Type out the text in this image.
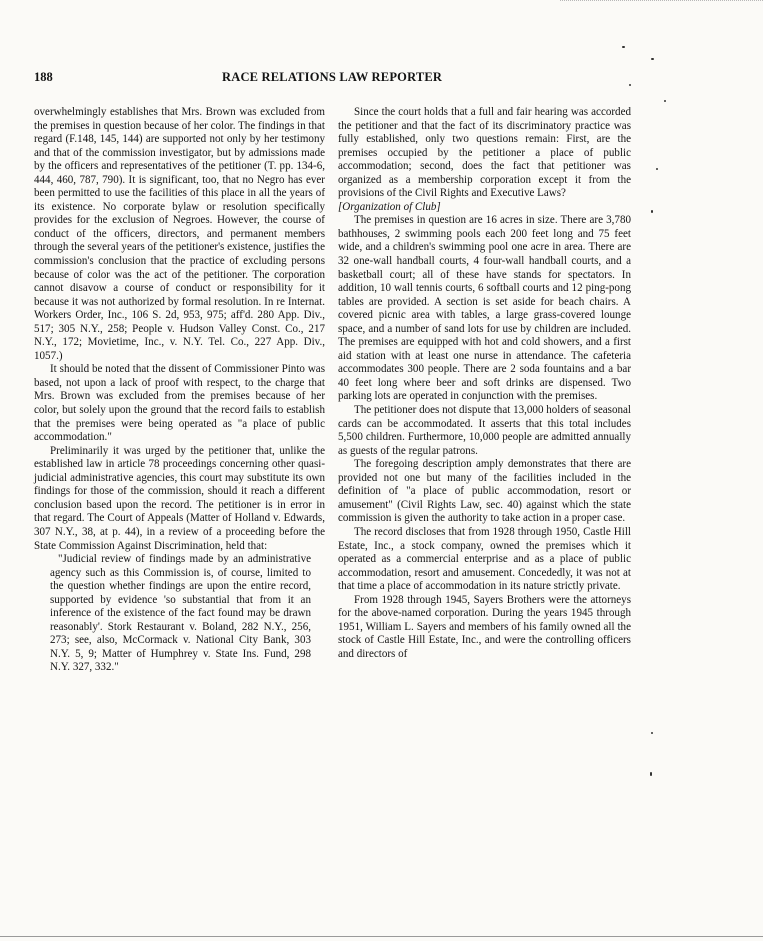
188	RACE RELATIONS LAW REPORTER

overwhelmingly establishes that Mrs. Brown was excluded from the premises in question because of her color. The findings in that regard (F.148, 145, 144) are supported not only by her testimony and that of the commission investigator, but by admissions made by the officers and representatives of the petitioner (T. pp. 134-6, 444, 460, 787, 790). It is significant, too, that no Negro has ever been permitted to use the facilities of this place in all the years of its existence. No corporate bylaw or resolution specifically provides for the exclusion of Negroes. However, the course of conduct of the officers, directors, and permanent members through the several years of the petitioner's existence, justifies the commission's conclusion that the practice of excluding persons because of color was the act of the petitioner. The corporation cannot disavow a course of conduct or responsibility for it because it was not authorized by formal resolution. In re Internat. Workers Order, Inc., 106 S. 2d, 953, 975; aff'd. 280 App. Div., 517; 305 N.Y., 258; People v. Hudson Valley Const. Co., 217 N.Y., 172; Movietime, Inc., v. N.Y. Tel. Co., 227 App. Div., 1057.)

It should be noted that the dissent of Commissioner Pinto was based, not upon a lack of proof with respect, to the charge that Mrs. Brown was excluded from the premises because of her color, but solely upon the ground that the record fails to establish that the premises were being operated as "a place of public accommodation."

Preliminarily it was urged by the petitioner that, unlike the established law in article 78 proceedings concerning other quasi-judicial administrative agencies, this court may substitute its own findings for those of the commission, should it reach a different conclusion based upon the record. The petitioner is in error in that regard. The Court of Appeals (Matter of Holland v. Edwards, 307 N.Y., 38, at p. 44), in a review of a proceeding before the State Commission Against Discrimination, held that:

"Judicial review of findings made by an administrative agency such as this Commission is, of course, limited to the question whether findings are upon the entire record, supported by evidence 'so substantial that from it an inference of the existence of the fact found may be drawn reasonably'. Stork Restaurant v. Boland, 282 N.Y., 256, 273; see, also, McCormack v. National City Bank, 303 N.Y. 5, 9; Matter of Humphrey v. State Ins. Fund, 298 N.Y. 327, 332."

Since the court holds that a full and fair hearing was accorded the petitioner and that the fact of its discriminatory practice was fully established, only two questions remain: First, are the premises occupied by the petitioner a place of public accommodation; second, does the fact that petitioner was organized as a membership corporation except it from the provisions of the Civil Rights and Executive Laws?

[Organization of Club]

The premises in question are 16 acres in size. There are 3,780 bathhouses, 2 swimming pools each 200 feet long and 75 feet wide, and a children's swimming pool one acre in area. There are 32 one-wall handball courts, 4 four-wall handball courts, and a basketball court; all of these have stands for spectators. In addition, 10 wall tennis courts, 6 softball courts and 12 ping-pong tables are provided. A section is set aside for beach chairs. A covered picnic area with tables, a large grass-covered lounge space, and a number of sand lots for use by children are included. The premises are equipped with hot and cold showers, and a first aid station with at least one nurse in attendance. The cafeteria accommodates 300 people. There are 2 soda fountains and a bar 40 feet long where beer and soft drinks are dispensed. Two parking lots are operated in conjunction with the premises.

The petitioner does not dispute that 13,000 holders of seasonal cards can be accommodated. It asserts that this total includes 5,500 children. Furthermore, 10,000 people are admitted annually as guests of the regular patrons.

The foregoing description amply demonstrates that there are provided not one but many of the facilities included in the definition of "a place of public accommodation, resort or amusement" (Civil Rights Law, sec. 40) against which the state commission is given the authority to take action in a proper case.

The record discloses that from 1928 through 1950, Castle Hill Estate, Inc., a stock company, owned the premises which it operated as a commercial enterprise and as a place of public accommodation, resort and amusement. Concededly, it was not at that time a place of accommodation in its nature strictly private.

From 1928 through 1945, Sayers Brothers were the attorneys for the above-named corporation. During the years 1945 through 1951, William L. Sayers and members of his family owned all the stock of Castle Hill Estate, Inc., and were the controlling officers and directors of
